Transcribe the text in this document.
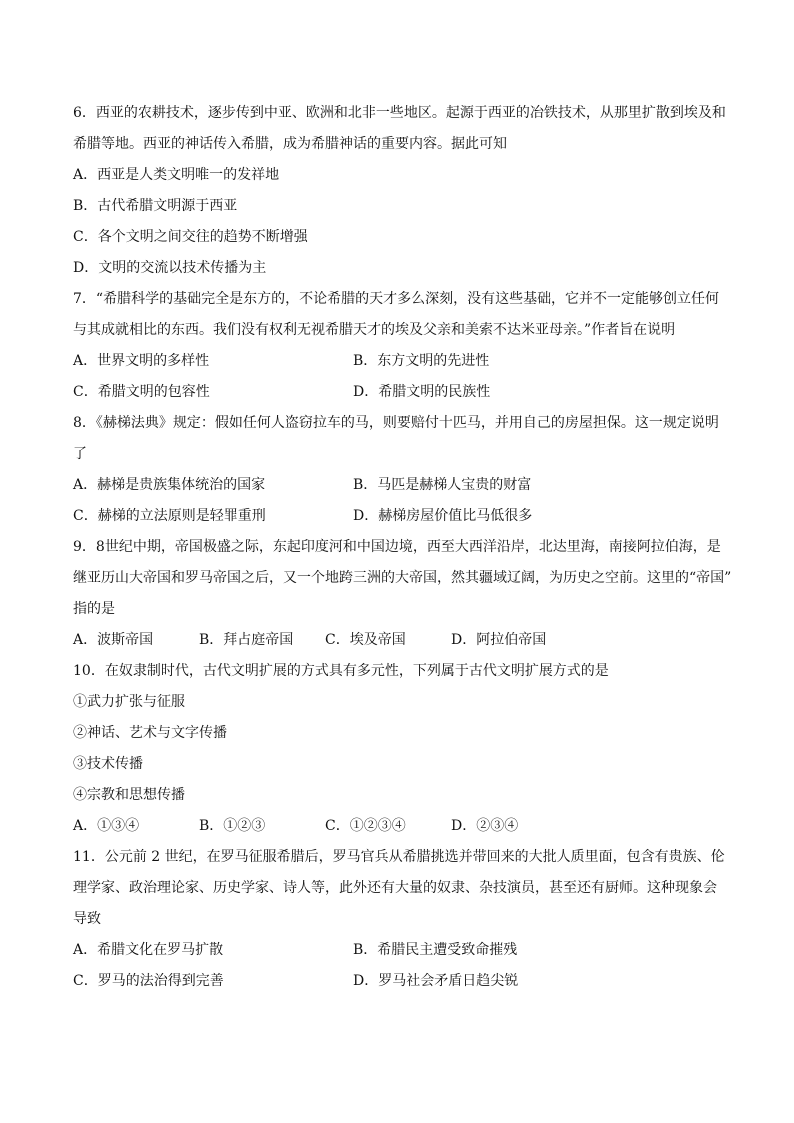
6．西亚的农耕技术，逐步传到中亚、欧洲和北非一些地区。起源于西亚的冶铁技术，从那里扩散到埃及和

希腊等地。西亚的神话传入希腊，成为希腊神话的重要内容。据此可知

A．西亚是人类文明唯一的发祥地

B．古代希腊文明源于西亚

C．各个文明之间交往的趋势不断增强

D．文明的交流以技术传播为主

7．“希腊科学的基础完全是东方的，不论希腊的天才多么深刻，没有这些基础，它并不一定能够创立任何

与其成就相比的东西。我们没有权利无视希腊天才的埃及父亲和美索不达米亚母亲。”作者旨在说明

A．世界文明的多样性	B．东方文明的先进性
C．希腊文明的包容性	D．希腊文明的民族性

8．《赫梯法典》规定：假如任何人盗窃拉车的马，则要赔付十匹马，并用自己的房屋担保。这一规定说明

了

A．赫梯是贵族集体统治的国家	B．马匹是赫梯人宝贵的财富
C．赫梯的立法原则是轻罪重刑	D．赫梯房屋价值比马低很多

9．8世纪中期，帝国极盛之际，东起印度河和中国边境，西至大西洋沿岸，北达里海，南接阿拉伯海，是

继亚历山大帝国和罗马帝国之后，又一个地跨三洲的大帝国，然其疆域辽阔，为历史之空前。这里的“帝国”

指的是

A．波斯帝国	B．拜占庭帝国	C．埃及帝国	D．阿拉伯帝国

10．在奴隶制时代，古代文明扩展的方式具有多元性，下列属于古代文明扩展方式的是

①武力扩张与征服

②神话、艺术与文字传播

③技术传播

④宗教和思想传播

A．①③④	B．①②③	C．①②③④	D．②③④

11．公元前 2 世纪，在罗马征服希腊后，罗马官兵从希腊挑选并带回来的大批人质里面，包含有贵族、伦

理学家、政治理论家、历史学家、诗人等，此外还有大量的奴隶、杂技演员，甚至还有厨师。这种现象会

导致

A．希腊文化在罗马扩散	B．希腊民主遭受致命摧残
C．罗马的法治得到完善	D．罗马社会矛盾日趋尖锐
